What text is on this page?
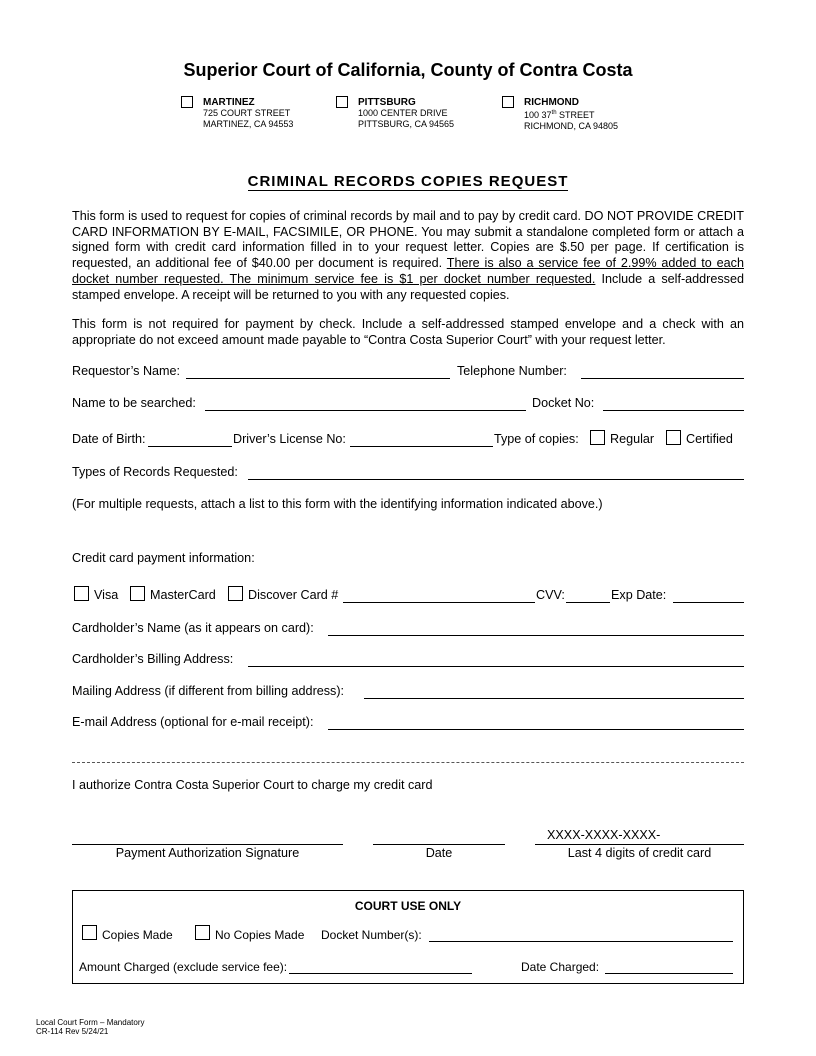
Superior Court of California, County of Contra Costa
MARTINEZ
725 COURT STREET
MARTINEZ, CA 94553
PITTSBURG
1000 CENTER DRIVE
PITTSBURG, CA 94565
RICHMOND
100 37th STREET
RICHMOND, CA 94805
CRIMINAL RECORDS COPIES REQUEST
This form is used to request for copies of criminal records by mail and to pay by credit card. DO NOT PROVIDE CREDIT CARD INFORMATION BY E-MAIL, FACSIMILE, OR PHONE. You may submit a standalone completed form or attach a signed form with credit card information filled in to your request letter. Copies are $.50 per page. If certification is requested, an additional fee of $40.00 per document is required. There is also a service fee of 2.99% added to each docket number requested. The minimum service fee is $1 per docket number requested. Include a self-addressed stamped envelope. A receipt will be returned to you with any requested copies.
This form is not required for payment by check. Include a self-addressed stamped envelope and a check with an appropriate do not exceed amount made payable to “Contra Costa Superior Court” with your request letter.
Requestor’s Name:	Telephone Number:
Name to be searched:	Docket No:
Date of Birth:	Driver’s License No:	Type of copies: Regular	Certified
Types of Records Requested:
(For multiple requests, attach a list to this form with the identifying information indicated above.)
Credit card payment information:
Visa	MasterCard	Discover Card #	CVV:	Exp Date:
Cardholder’s Name (as it appears on card):
Cardholder’s Billing Address:
Mailing Address (if different from billing address):
E-mail Address (optional for e-mail receipt):
I authorize Contra Costa Superior Court to charge my credit card
Payment Authorization Signature	Date
XXXX-XXXX-XXXX-
Last 4 digits of credit card
COURT USE ONLY
Copies Made	No Copies Made Docket Number(s):
Amount Charged (exclude service fee):	Date Charged:
Local Court Form – Mandatory
CR-114 Rev 5/24/21
